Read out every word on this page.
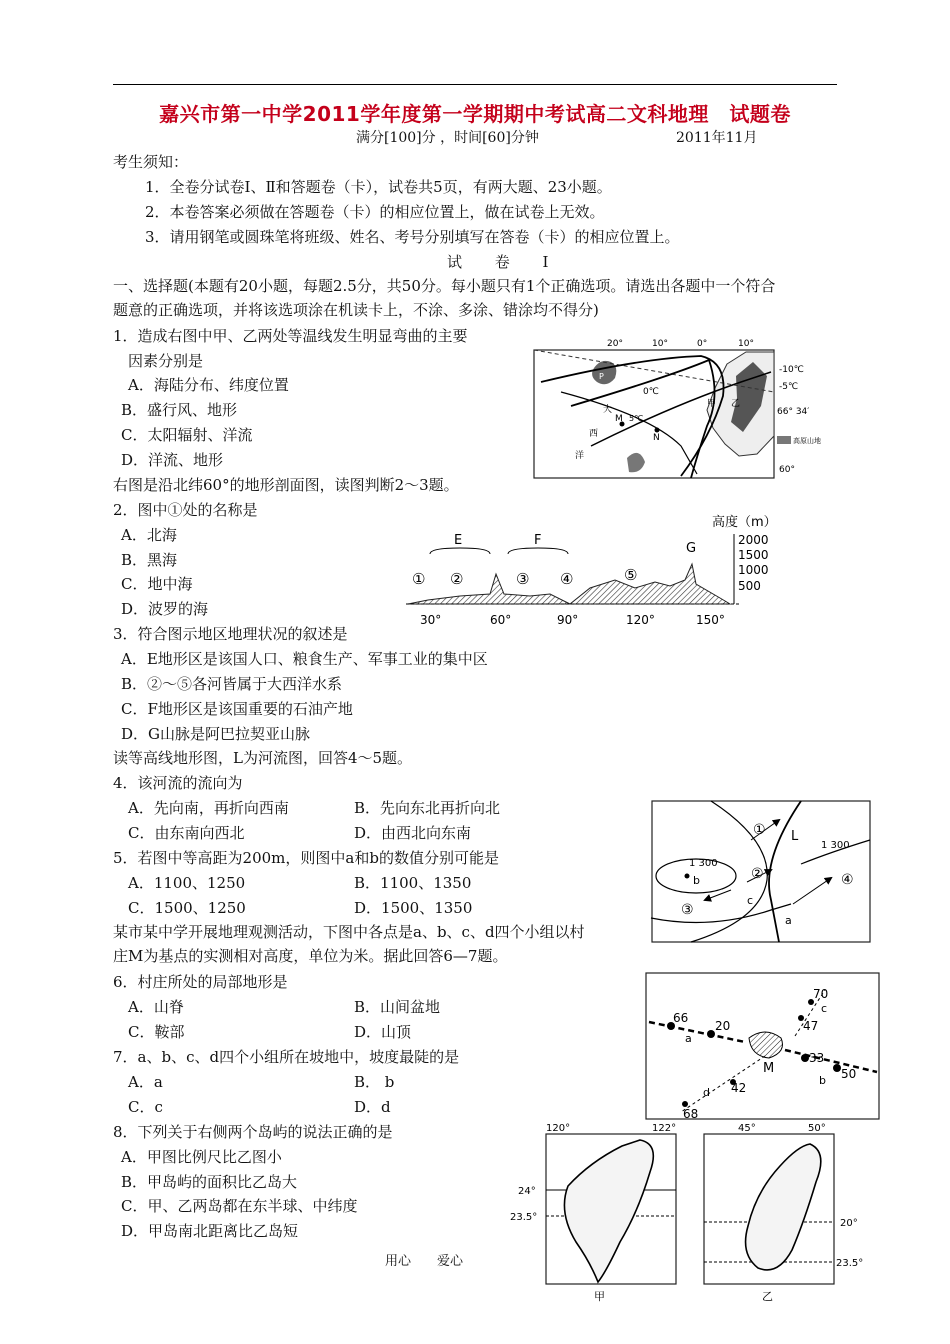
嘉兴市第一中学2011学年度第一学期期中考试高二文科地理　试题卷
满分[100]分 ，时间[60]分钟	2011年11月
考生须知：
1．全卷分试卷Ⅰ、Ⅱ和答题卷（卡），试卷共5页，有两大题、23小题。
2．本卷答案必须做在答题卷（卡）的相应位置上，做在试卷上无效。
3．请用钢笔或圆珠笔将班级、姓名、考号分别填写在答卷（卡）的相应位置上。
试 卷 Ⅰ
一、选择题(本题有20小题，每题2.5分，共50分。每小题只有1个正确选项。请选出各题中一个符合
题意的正确选项，并将该选项涂在机读卡上，不涂、多涂、错涂均不得分)
1．造成右图中甲、乙两处等温线发生明显弯曲的主要
因素分别是
A．海陆分布、纬度位置
B．盛行风、地形
C．太阳辐射、洋流
D．洋流、地形
右图是沿北纬60°的地形剖面图，读图判断2～3题。
2．图中①处的名称是
A．北海
B．黑海
C．地中海
D．波罗的海
3．符合图示地区地理状况的叙述是
A．E地形区是该国人口、粮食生产、军事工业的集中区
B．②～⑤各河皆属于大西洋水系
C．F地形区是该国重要的石油产地
D．G山脉是阿巴拉契亚山脉
读等高线地形图，L为河流图，回答4～5题。
4．该河流的流向为
A．先向南，再折向西南	B．先向东北再折向北
C．由东南向西北	D．由西北向东南
5．若图中等高距为200m，则图中a和b的数值分别可能是
A．1100、1250	B．1100、1350
C．1500、1250	D．1500、1350
某市某中学开展地理观测活动，下图中各点是a、b、c、d四个小组以村
庄M为基点的实测相对高度，单位为米。据此回答6—7题。
6．村庄所处的局部地形是
A．山脊	B．山间盆地
C．鞍部	D．山顶
7．a、b、c、d四个小组所在坡地中，坡度最陡的是
A．a	B． b
C．c	D．d
8．下列关于右侧两个岛屿的说法正确的是
A．甲图比例尺比乙图小
B．甲岛屿的面积比乙岛大
C．甲、乙两岛都在东半球、中纬度
D．甲岛南北距离比乙岛短
用心　　爱心
20°	10°	0°	10°
P
-10℃
-5℃
0℃
5℃
M
N
甲 乙
大
西
洋
66° 34′
60°
高原山地
高度（m）
2000
1500
1000
500
30°	60°	90°	120°	150°
E	F
G
① ②	③ ④	⑤
①
②
③
④
L
1 300
1 300
b
c
a
M
66
20
70
47
33
50
42
68
a
b
c
d
120°	122°
24°
23.5°
甲
45°	50°
20°
23.5°
乙
